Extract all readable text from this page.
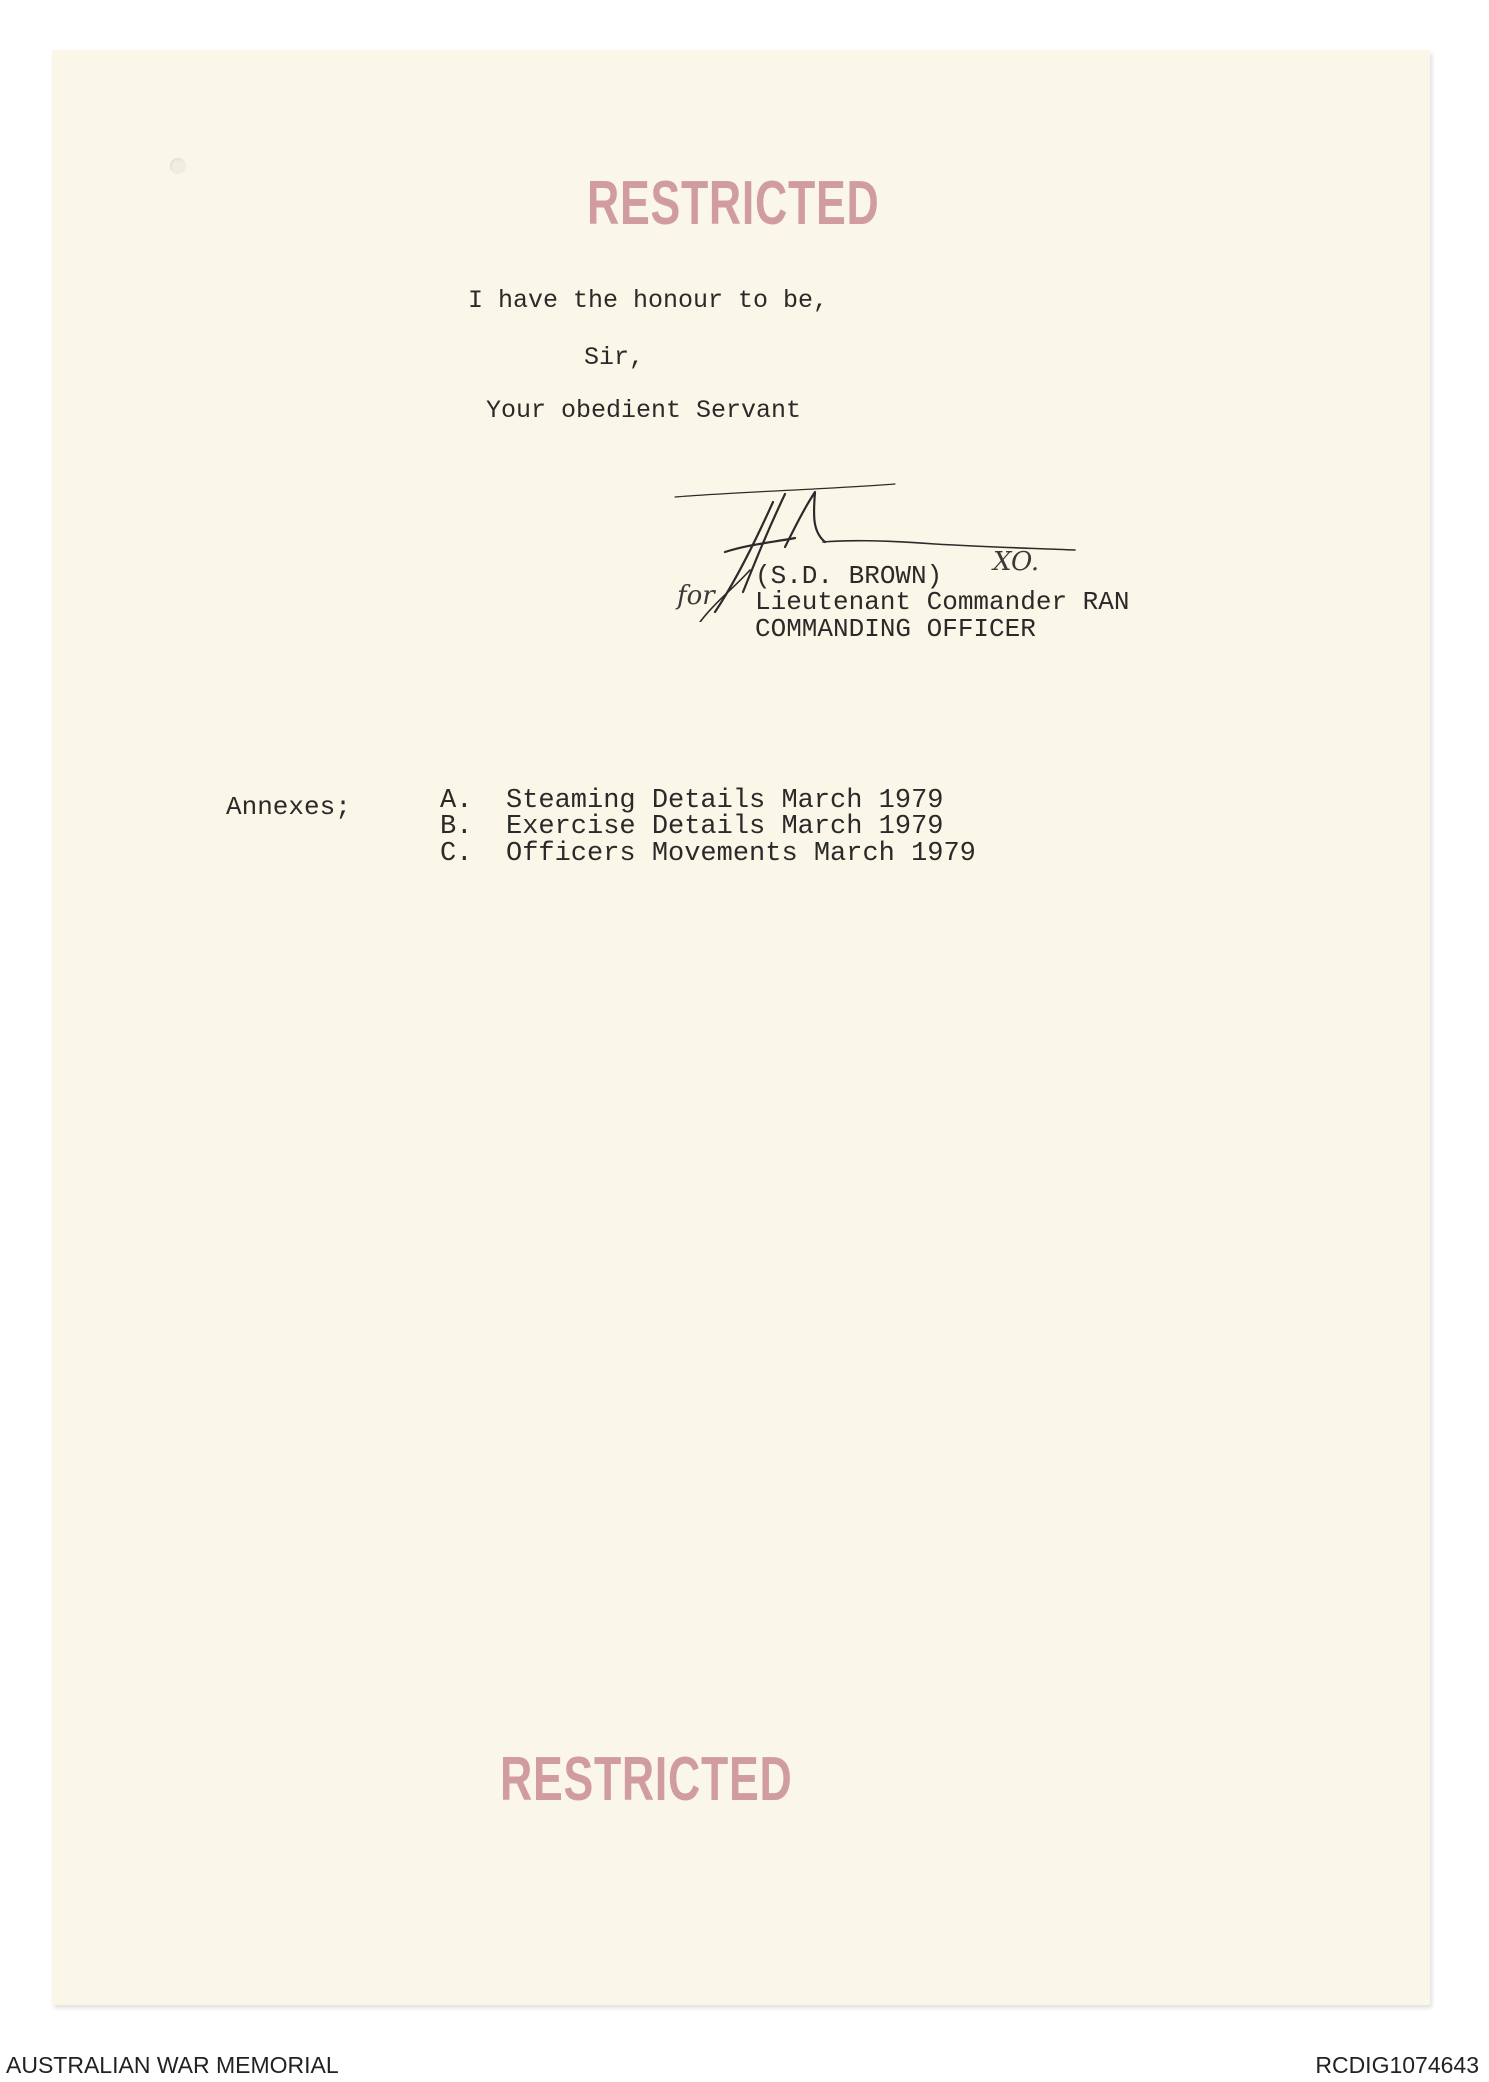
RESTRICTED
I have the honour to be,
Sir,
Your obedient Servant
for
XO.
(S.D. BROWN)
Lieutenant Commander RAN
COMMANDING OFFICER
Annexes;	A. Steaming Details March 1979
B. Exercise Details March 1979
C. Officers Movements March 1979
RESTRICTED
AUSTRALIAN WAR MEMORIAL	RCDIG1074643
